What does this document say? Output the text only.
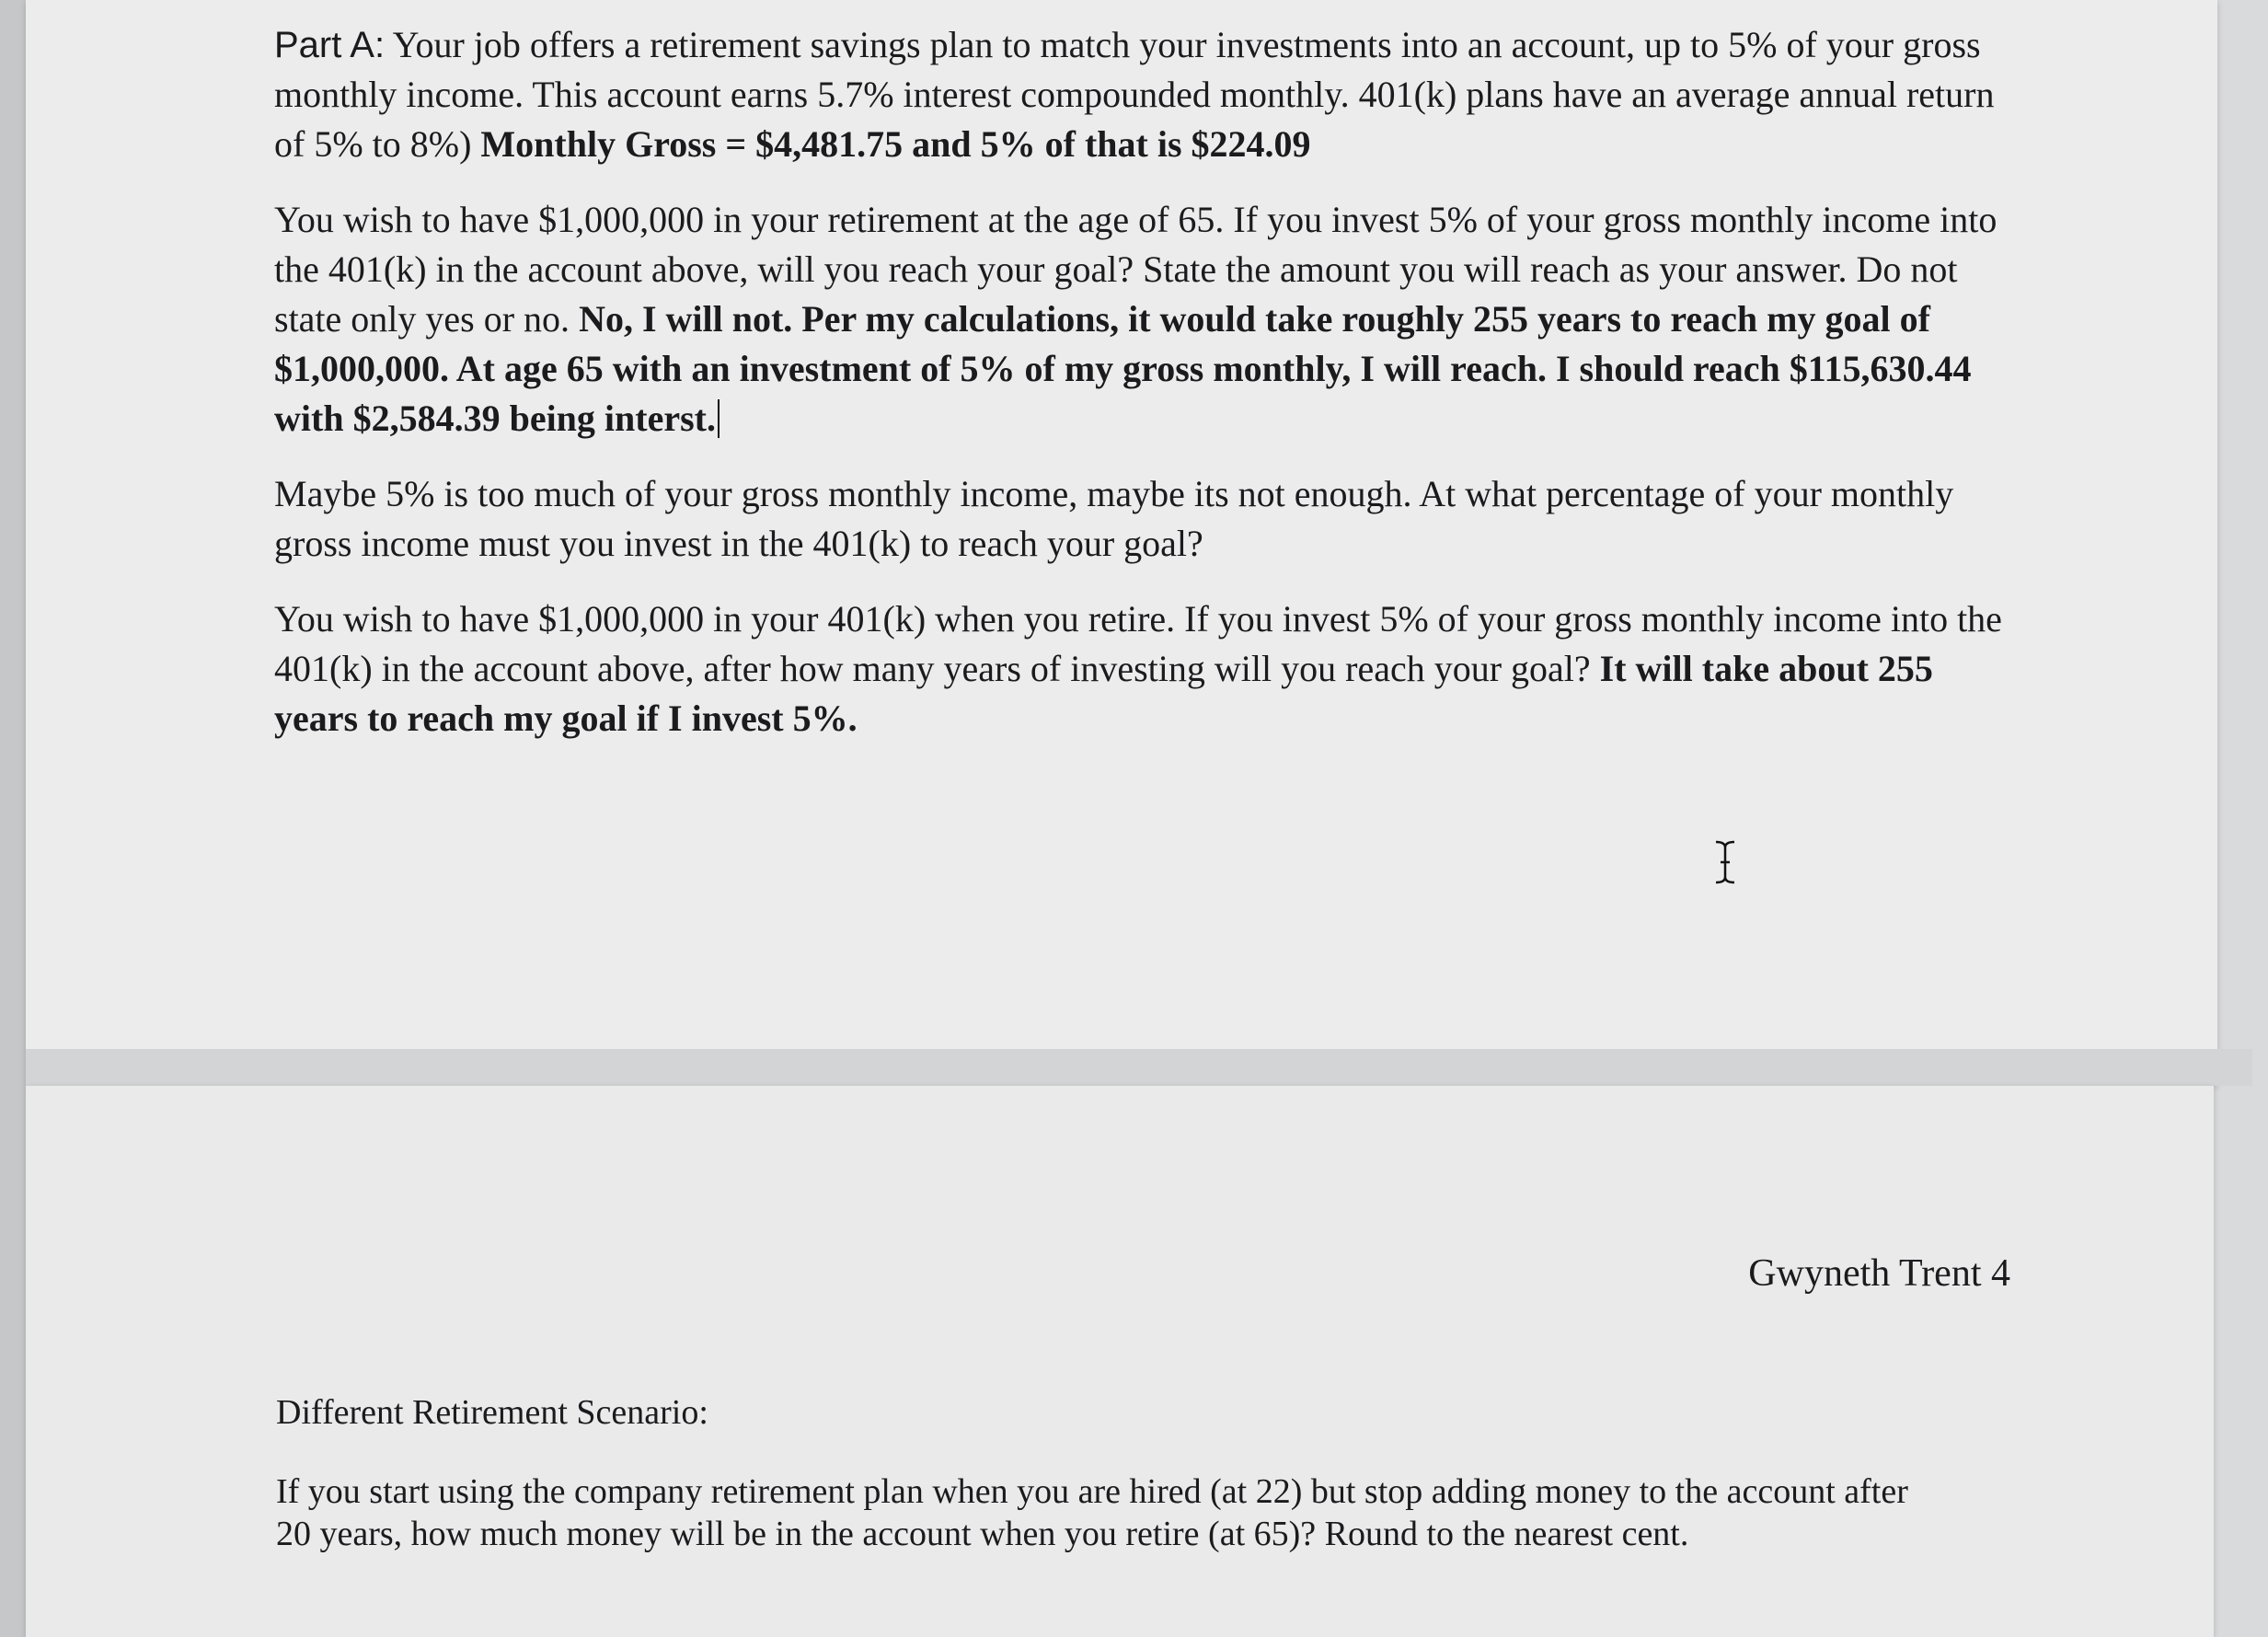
Part A: Your job offers a retirement savings plan to match your investments into an account, up to 5% of your gross monthly income. This account earns 5.7% interest compounded monthly. 401(k) plans have an average annual return of 5% to 8%) Monthly Gross = $4,481.75 and 5% of that is $224.09

You wish to have $1,000,000 in your retirement at the age of 65. If you invest 5% of your gross monthly income into the 401(k) in the account above, will you reach your goal? State the amount you will reach as your answer. Do not state only yes or no. No, I will not. Per my calculations, it would take roughly 255 years to reach my goal of $1,000,000. At age 65 with an investment of 5% of my gross monthly, I will reach. I should reach $115,630.44 with $2,584.39 being interst.

Maybe 5% is too much of your gross monthly income, maybe its not enough. At what percentage of your monthly gross income must you invest in the 401(k) to reach your goal?

You wish to have $1,000,000 in your 401(k) when you retire. If you invest 5% of your gross monthly income into the 401(k) in the account above, after how many years of investing will you reach your goal? It will take about 255 years to reach my goal if I invest 5%.

Gwyneth Trent 4

Different Retirement Scenario:

If you start using the company retirement plan when you are hired (at 22) but stop adding money to the account after 20 years, how much money will be in the account when you retire (at 65)? Round to the nearest cent.
